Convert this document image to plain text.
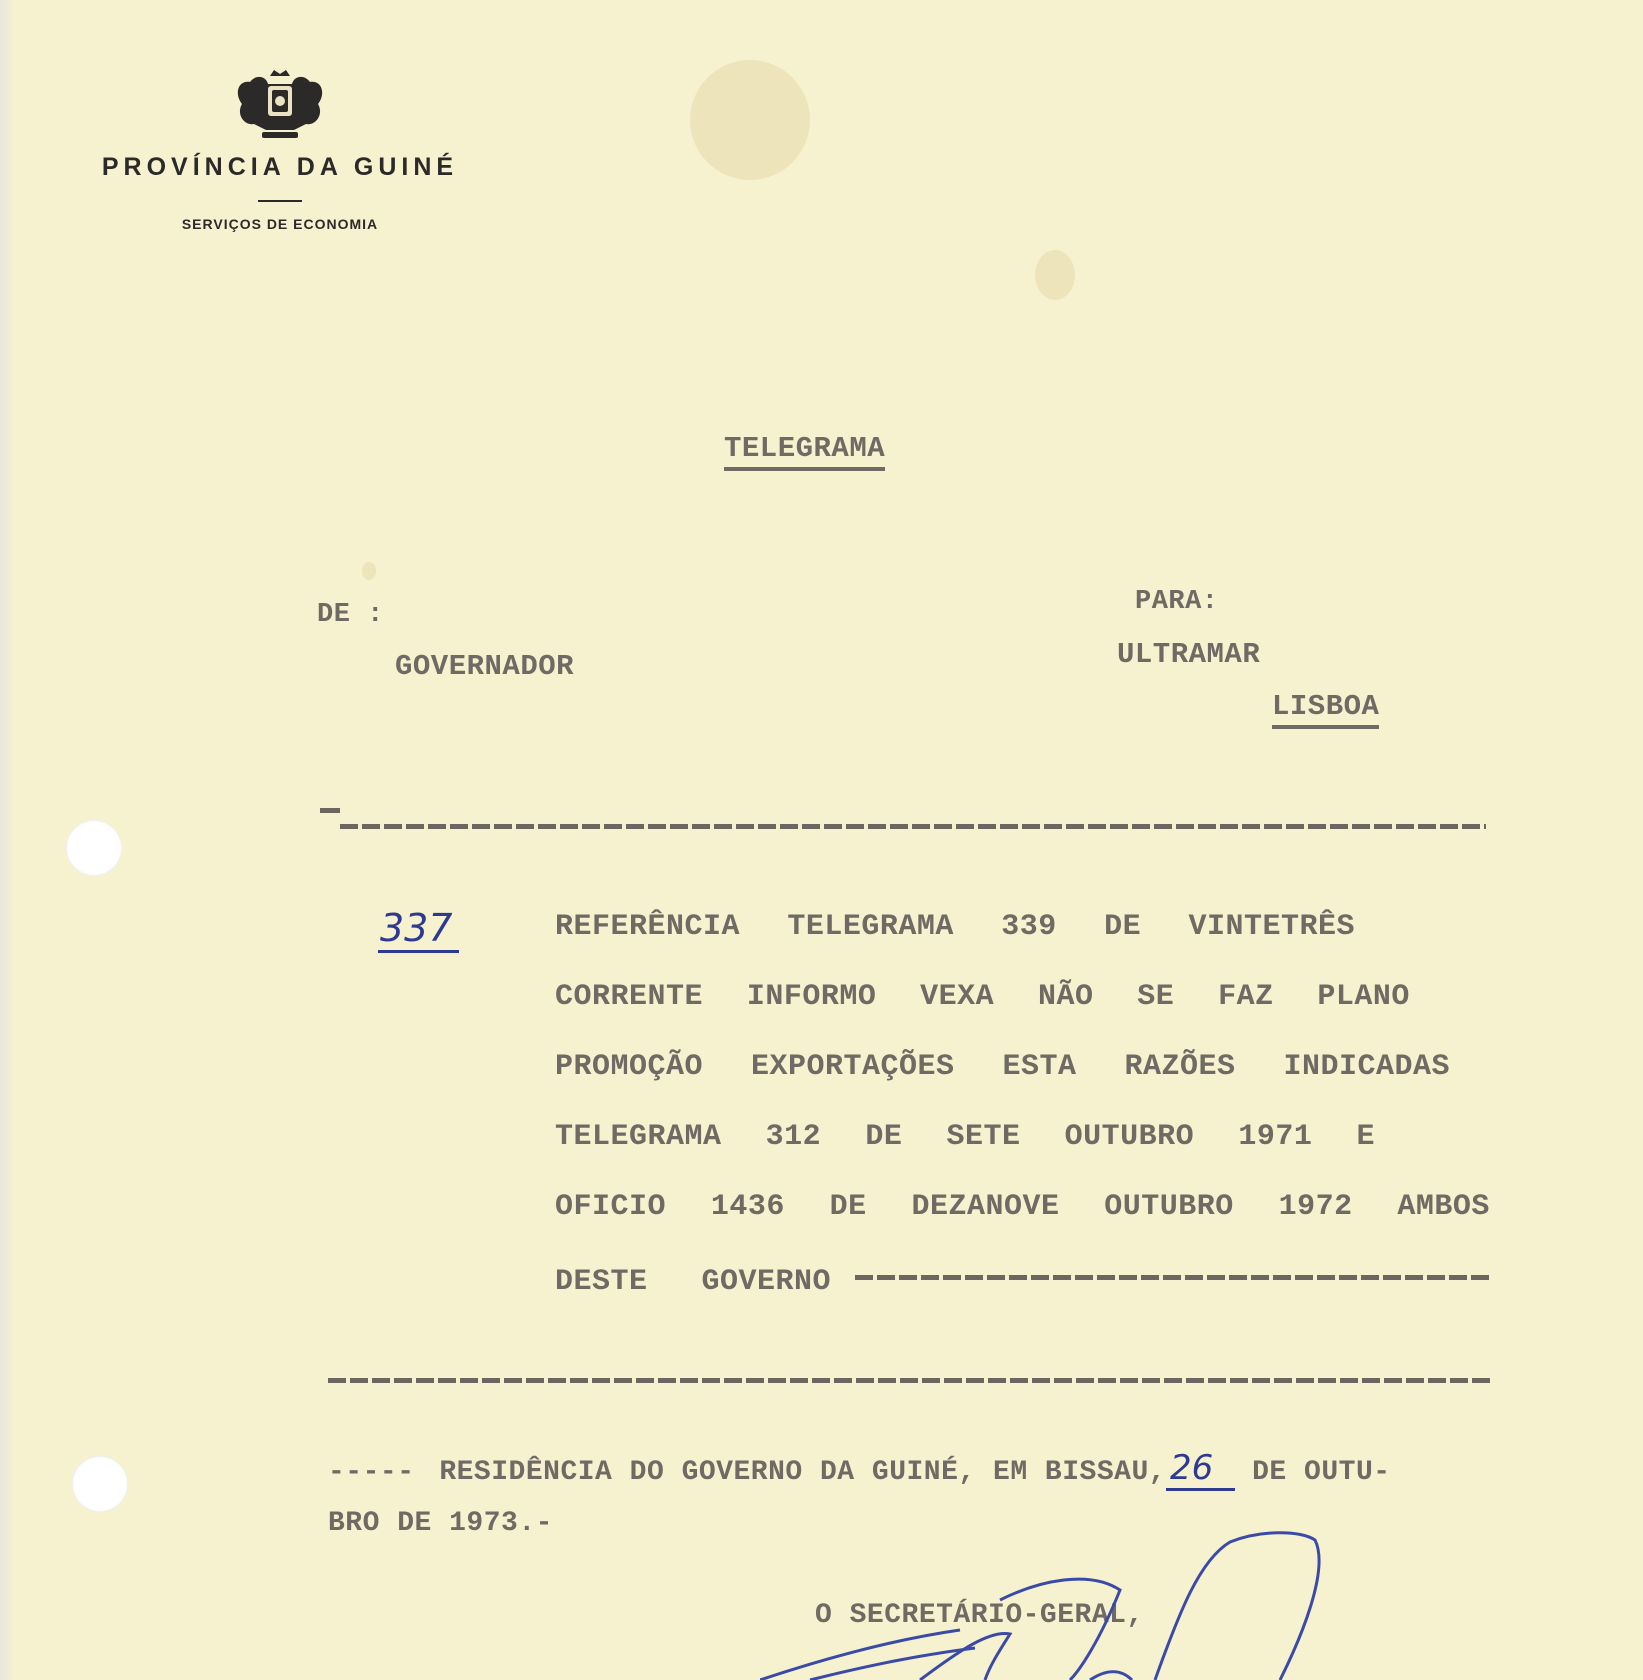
PROVÍNCIA DA GUINÉ
SERVIÇOS DE ECONOMIA
TELEGRAMA
DE :
GOVERNADOR
PARA:
ULTRAMAR
LISBOA
337	REFERÊNCIA TELEGRAMA 339 DE VINTETRÊS
CORRENTE INFORMO VEXA NÃO SE FAZ PLANO
PROMOÇÃO EXPORTAÇÕES ESTA RAZÕES INDICADAS
TELEGRAMA 312 DE SETE OUTUBRO 1971 E
OFICIO 1436 DE DEZANOVE OUTUBRO 1972 AMBOS
DESTE GOVERNO
----- RESIDÊNCIA DO GOVERNO DA GUINÉ, EM BISSAU, 26 DE OUTU-
BRO DE 1973.-
O SECRETÁRIO-GERAL,
